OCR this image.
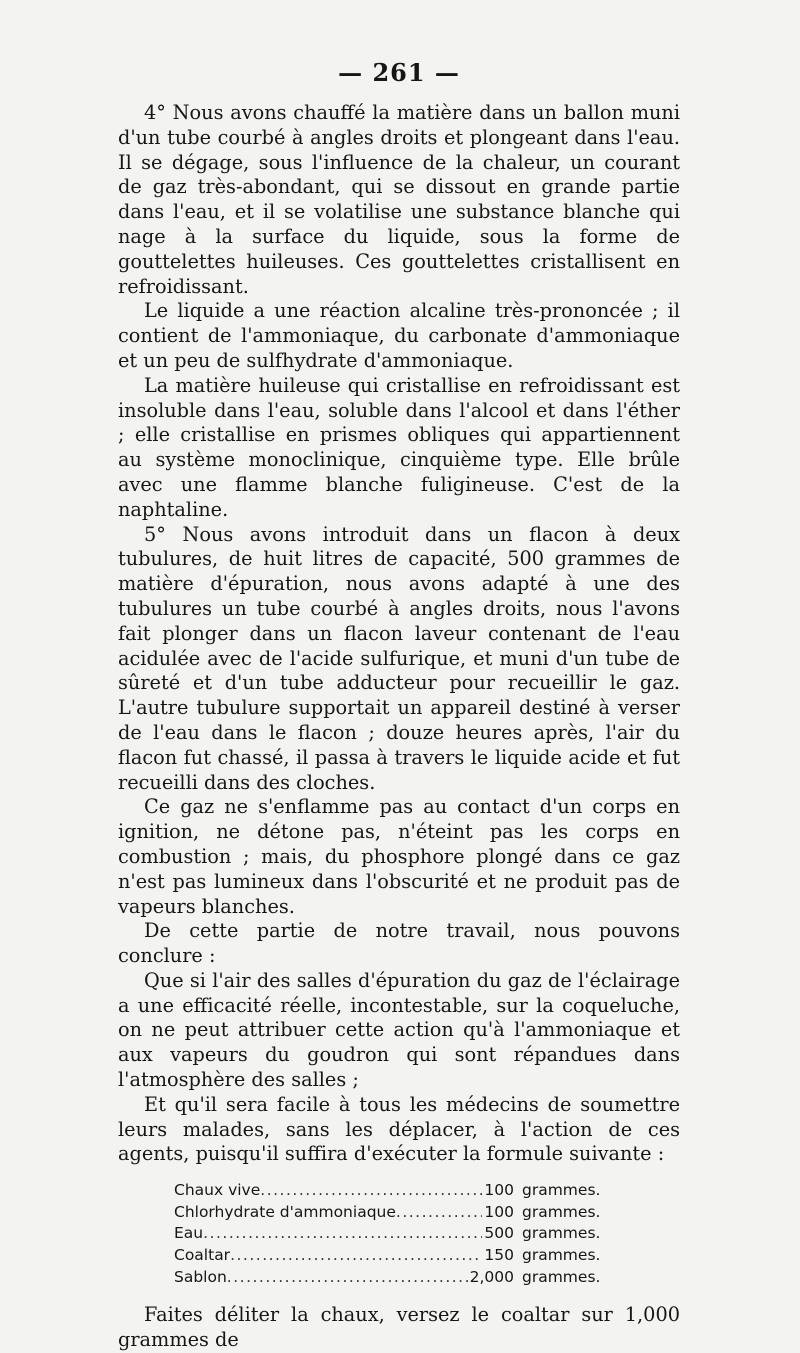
— 261 —

4° Nous avons chauffé la matière dans un ballon muni d'un tube courbé à angles droits et plongeant dans l'eau. Il se dégage, sous l'influence de la chaleur, un courant de gaz très-abondant, qui se dissout en grande partie dans l'eau, et il se volatilise une substance blanche qui nage à la surface du liquide, sous la forme de gouttelettes huileuses. Ces gouttelettes cristallisent en refroidissant.

Le liquide a une réaction alcaline très-prononcée ; il contient de l'ammoniaque, du carbonate d'ammoniaque et un peu de sulfhydrate d'ammoniaque.

La matière huileuse qui cristallise en refroidissant est insoluble dans l'eau, soluble dans l'alcool et dans l'éther ; elle cristallise en prismes obliques qui appartiennent au système monoclinique, cinquième type. Elle brûle avec une flamme blanche fuligineuse. C'est de la naphtaline.

5° Nous avons introduit dans un flacon à deux tubulures, de huit litres de capacité, 500 grammes de matière d'épuration, nous avons adapté à une des tubulures un tube courbé à angles droits, nous l'avons fait plonger dans un flacon laveur contenant de l'eau acidulée avec de l'acide sulfurique, et muni d'un tube de sûreté et d'un tube adducteur pour recueillir le gaz. L'autre tubulure supportait un appareil destiné à verser de l'eau dans le flacon ; douze heures après, l'air du flacon fut chassé, il passa à travers le liquide acide et fut recueilli dans des cloches.

Ce gaz ne s'enflamme pas au contact d'un corps en ignition, ne détone pas, n'éteint pas les corps en combustion ; mais, du phosphore plongé dans ce gaz n'est pas lumineux dans l'obscurité et ne produit pas de vapeurs blanches.

De cette partie de notre travail, nous pouvons conclure :

Que si l'air des salles d'épuration du gaz de l'éclairage a une efficacité réelle, incontestable, sur la coqueluche, on ne peut attribuer cette action qu'à l'ammoniaque et aux vapeurs du goudron qui sont répandues dans l'atmosphère des salles ;

Et qu'il sera facile à tous les médecins de soumettre leurs malades, sans les déplacer, à l'action de ces agents, puisqu'il suffira d'exécuter la formule suivante :

Chaux vive .....	100 grammes.
Chlorhydrate d'ammoniaque .....	100 grammes.
Eau .....	500 grammes.
Coaltar .....	150 grammes.
Sablon .....	2,000 grammes.

Faites déliter la chaux, versez le coaltar sur 1,000 grammes de
